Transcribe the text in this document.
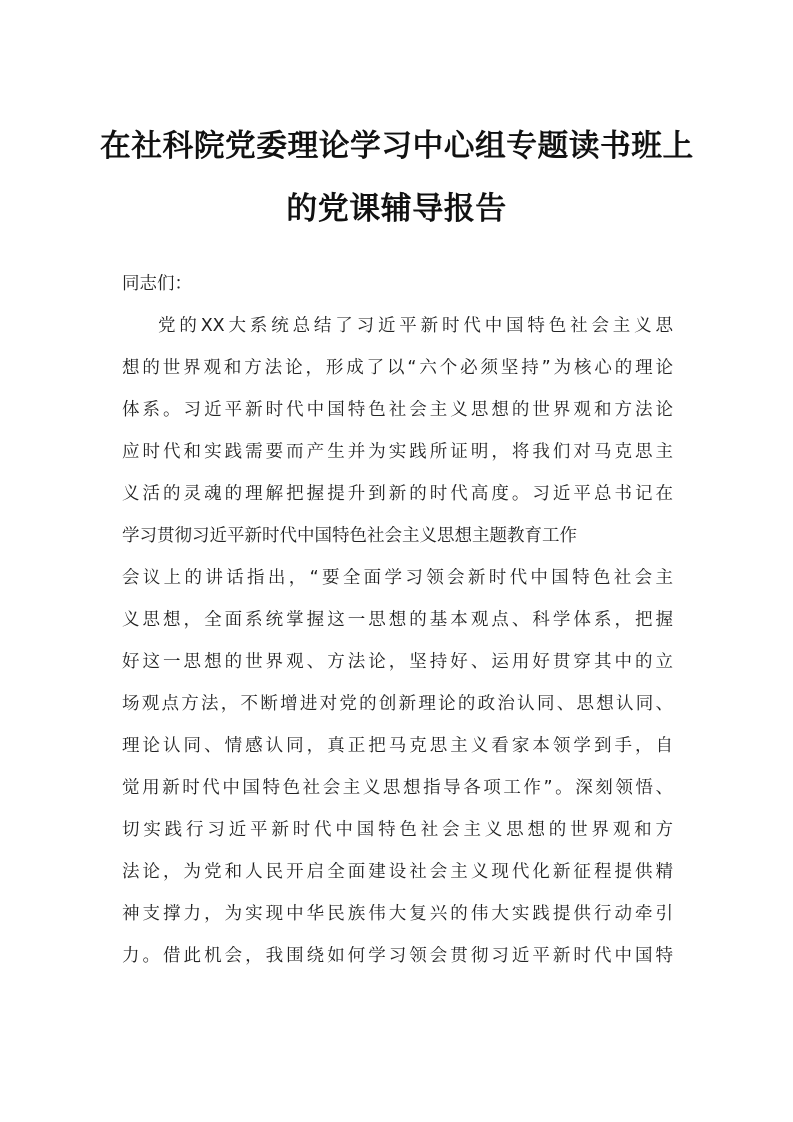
在社科院党委理论学习中心组专题读书班上
的党课辅导报告
同志们：
党的XX大系统总结了习近平新时代中国特色社会主义思
想的世界观和方法论，形成了以“六个必须坚持”为核心的理论
体系。习近平新时代中国特色社会主义思想的世界观和方法论
应时代和实践需要而产生并为实践所证明，将我们对马克思主
义活的灵魂的理解把握提升到新的时代高度。习近平总书记在
学习贯彻习近平新时代中国特色社会主义思想主题教育工作
会议上的讲话指出，“要全面学习领会新时代中国特色社会主
义思想，全面系统掌握这一思想的基本观点、科学体系，把握
好这一思想的世界观、方法论，坚持好、运用好贯穿其中的立
场观点方法，不断增进对党的创新理论的政治认同、思想认同、
理论认同、情感认同，真正把马克思主义看家本领学到手，自
觉用新时代中国特色社会主义思想指导各项工作”。深刻领悟、
切实践行习近平新时代中国特色社会主义思想的世界观和方
法论，为党和人民开启全面建设社会主义现代化新征程提供精
神支撑力，为实现中华民族伟大复兴的伟大实践提供行动牵引
力。借此机会，我围绕如何学习领会贯彻习近平新时代中国特
